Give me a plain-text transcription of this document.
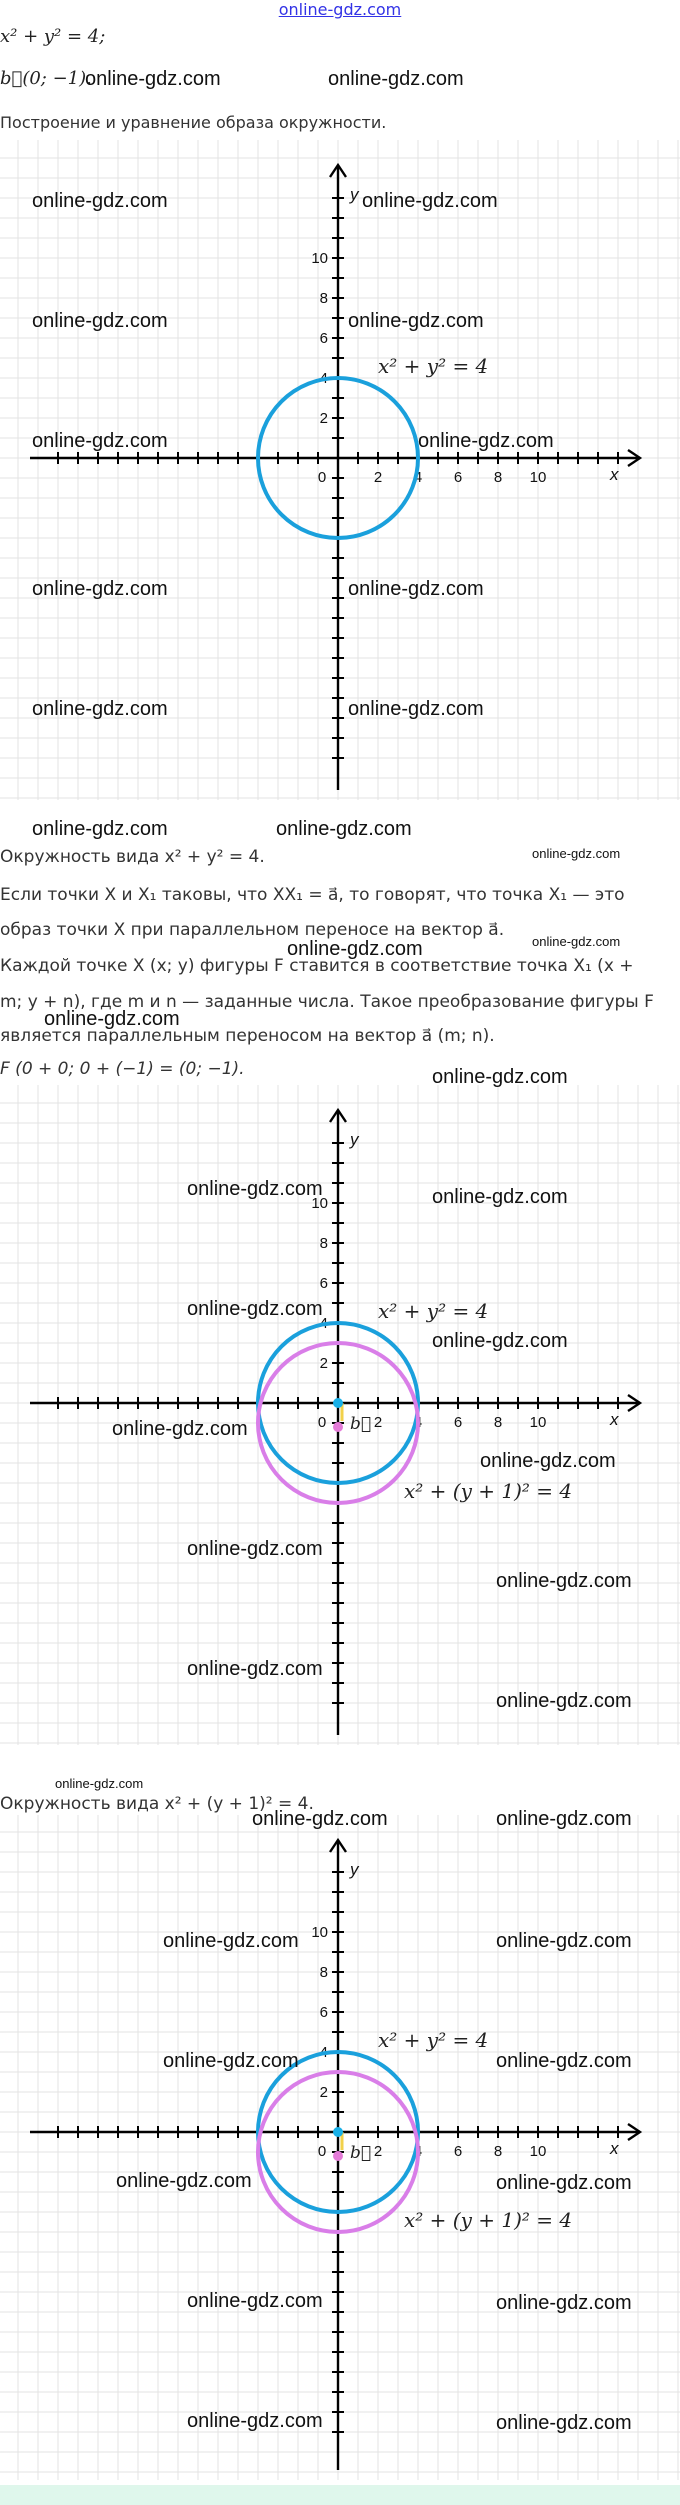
online-gdz.com
x² + y² = 4;
b⃗(0; −1).
Построение и уравнение образа окружности.
2 4 6 8 10
2
4
6
8
10
0	x
y
x² + y² = 4
2 4 6 8 10
2
4
6
8
10
0	x
y
x² + y² = 4
x² + (y + 1)² = 4
b⃗
2 4 6 8 10
2
4
6
8
10
0	x
y
x² + y² = 4
x² + (y + 1)² = 4
b⃗
Окружность вида x² + y² = 4.
Если точки X и X₁ таковы, что XX₁ = a⃗, то говорят, что точка X₁ — это
образ точки X при параллельном переносе на вектор a⃗.
Каждой точке X (x; y) фигуры F ставится в соответствие точка X₁ (x +
m; y + n), где m и n — заданные числа. Такое преобразование фигуры F
является параллельным переносом на вектор a⃗ (m; n).
F (0 + 0; 0 + (−1) = (0; −1).
Окружность вида x² + (y + 1)² = 4.
online-gdz.com	online-gdz.com
online-gdz.com	online-gdz.com
online-gdz.com	online-gdz.com
online-gdz.com	online-gdz.com
online-gdz.com	online-gdz.com
online-gdz.com	online-gdz.com
online-gdz.com	online-gdz.com
online-gdz.com
online-gdz.com
online-gdz.com
online-gdz.com
online-gdz.com
online-gdz.com	online-gdz.com
online-gdz.com
online-gdz.com
online-gdz.com
online-gdz.com
online-gdz.com
online-gdz.com
online-gdz.com
online-gdz.com
online-gdz.com
online-gdz.com	online-gdz.com
online-gdz.com	online-gdz.com
online-gdz.com	online-gdz.com
online-gdz.com	online-gdz.com
online-gdz.com	online-gdz.com
online-gdz.com	online-gdz.com
